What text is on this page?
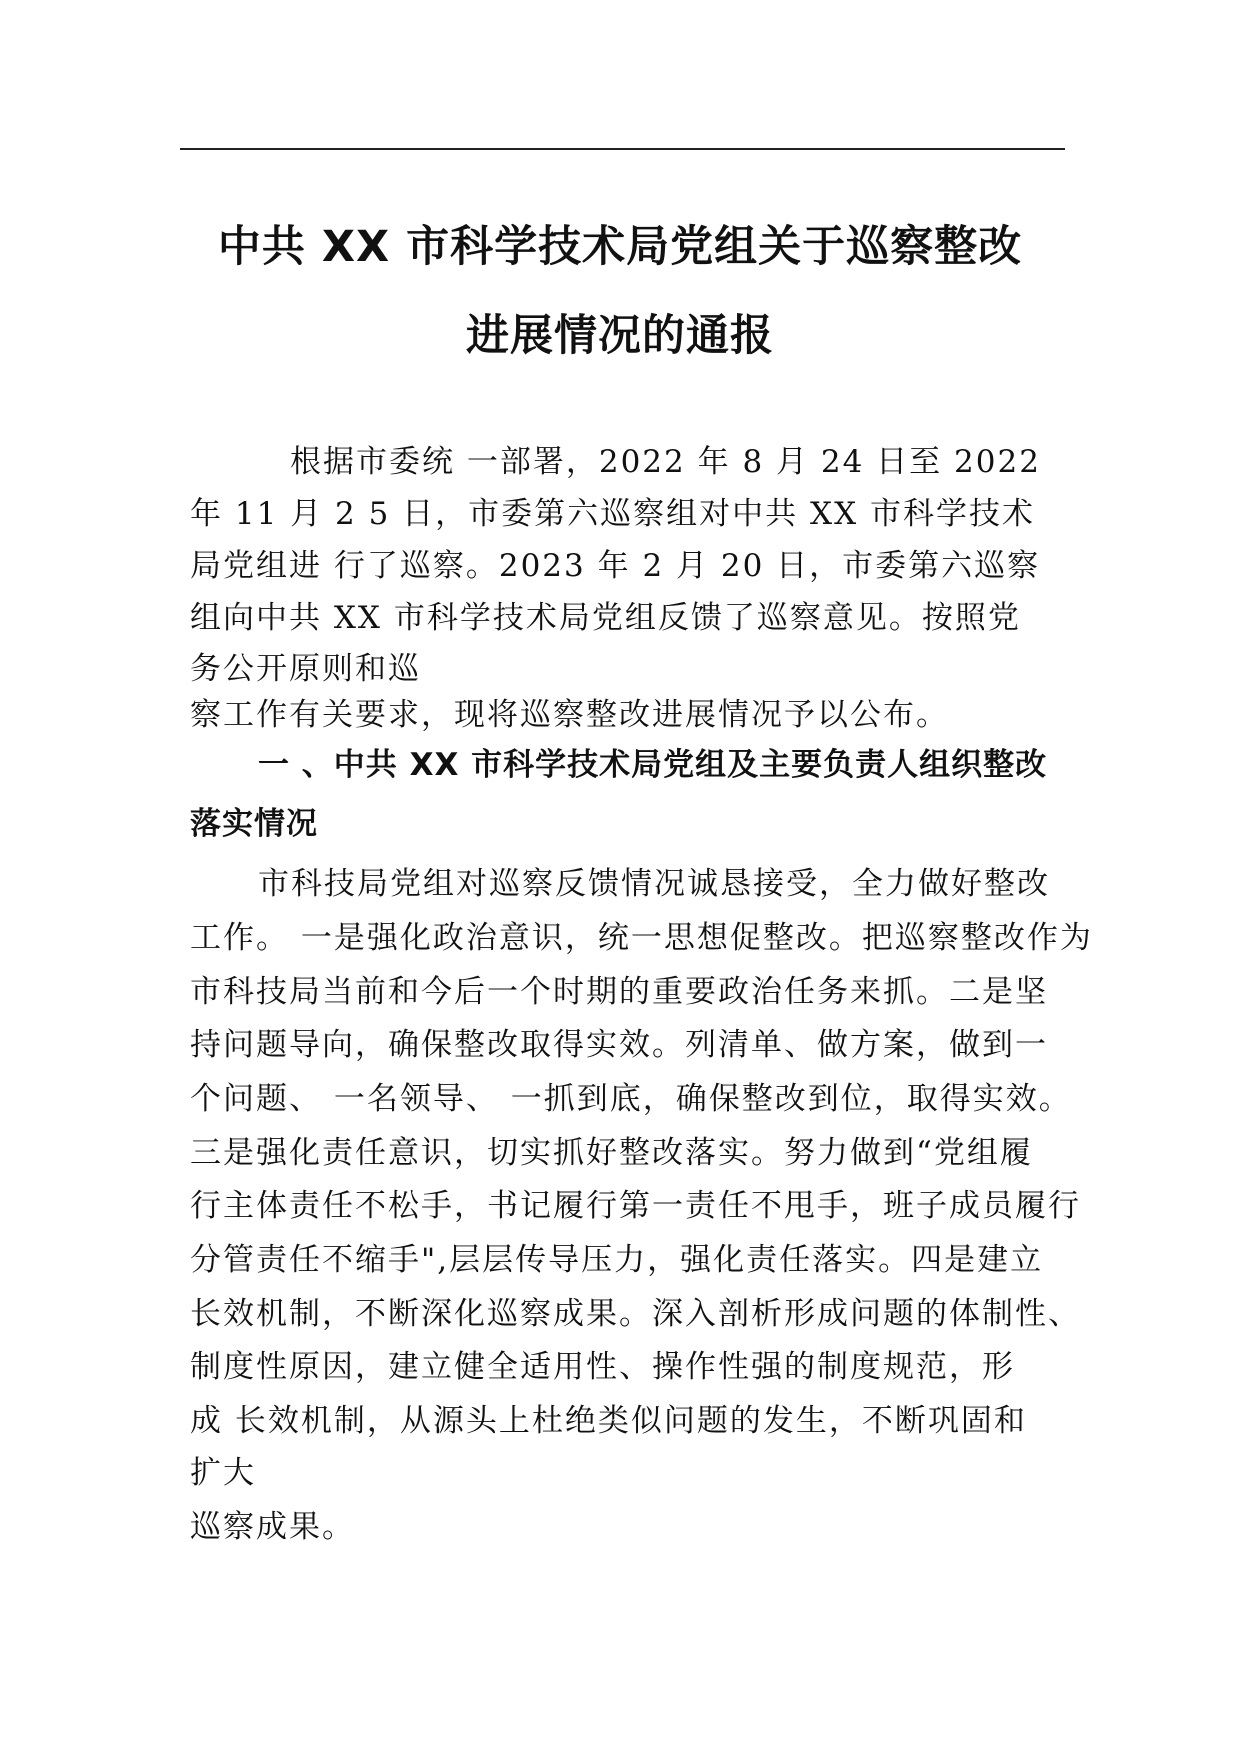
中共 XX 市科学技术局党组关于巡察整改
进展情况的通报
根据市委统 一部署，2022 年 8 月 24 日至 2022
年 11 月 2 5 日，市委第六巡察组对中共 XX 市科学技术
局党组进 行了巡察。2023 年 2 月 20 日，市委第六巡察
组向中共 XX 市科学技术局党组反馈了巡察意见。按照党
务公开原则和巡
察工作有关要求，现将巡察整改进展情况予以公布。
一 、中共 XX 市科学技术局党组及主要负责人组织整改
落实情况
市科技局党组对巡察反馈情况诚恳接受，全力做好整改
工作。 一是强化政治意识，统一思想促整改。把巡察整改作为
市科技局当前和今后一个时期的重要政治任务来抓。二是坚
持问题导向，确保整改取得实效。列清单、做方案，做到一
个问题、 一名领导、 一抓到底，确保整改到位，取得实效。
三是强化责任意识，切实抓好整改落实。努力做到“党组履
行主体责任不松手，书记履行第一责任不甩手，班子成员履行
分管责任不缩手",层层传导压力，强化责任落实。四是建立
长效机制，不断深化巡察成果。深入剖析形成问题的体制性、
制度性原因，建立健全适用性、操作性强的制度规范，形
成 长效机制，从源头上杜绝类似问题的发生，不断巩固和
扩大
巡察成果。
